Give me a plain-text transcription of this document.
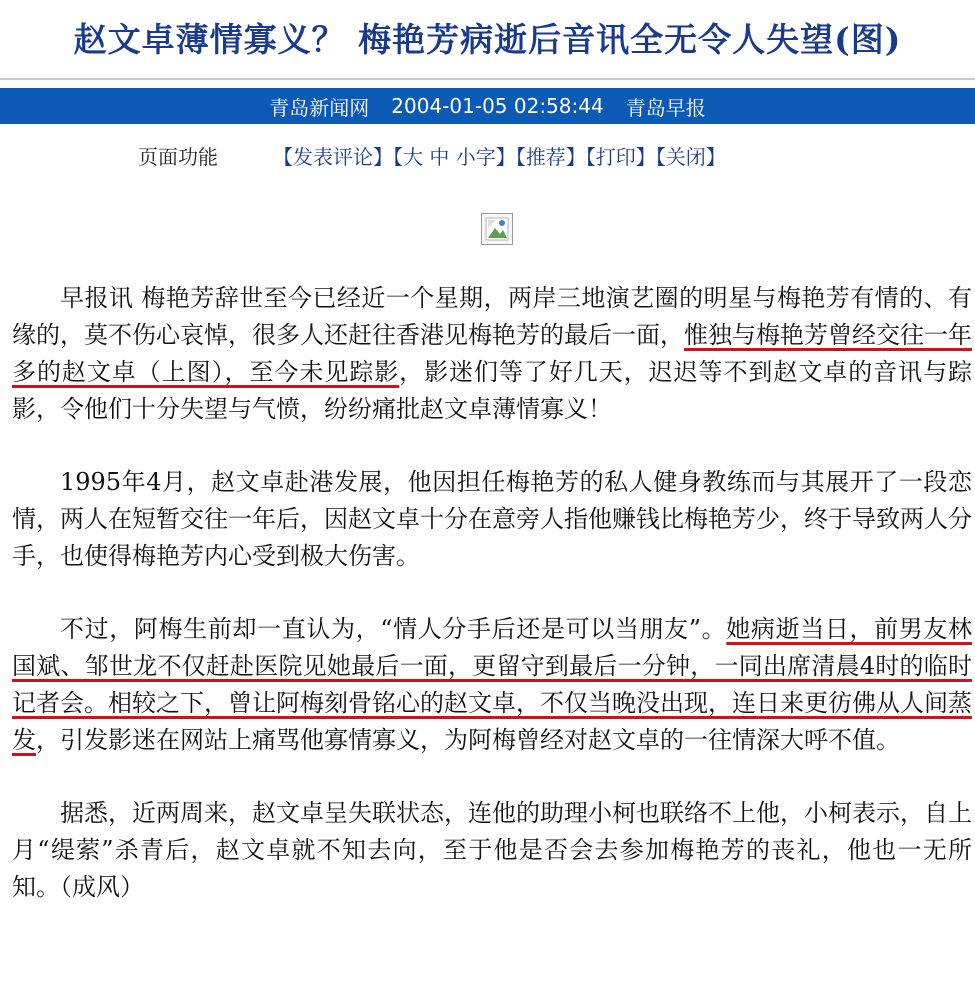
赵文卓薄情寡义？ 梅艳芳病逝后音讯全无令人失望(图)
青岛新闻网 2004-01-05 02:58:44 青岛早报
页面功能	【 发表评论 】【 大
中
小字 】【 推荐 】【 打印 】【 关闭 】

早报讯 梅艳芳辞世至今已经近一个星期，两岸三地演艺圈的明星与梅艳芳有情的、有缘的，莫不伤心哀悼，很多人还赶往香港见梅艳芳的最后一面，惟独与梅艳芳曾经交往一年多的赵文卓（上图），至今未见踪影，影迷们等了好几天，迟迟等不到赵文卓的音讯与踪影，令他们十分失望与气愤，纷纷痛批赵文卓薄情寡义！

1995年4月，赵文卓赴港发展，他因担任梅艳芳的私人健身教练而与其展开了一段恋情，两人在短暂交往一年后，因赵文卓十分在意旁人指他赚钱比梅艳芳少，终于导致两人分手，也使得梅艳芳内心受到极大伤害。

不过，阿梅生前却一直认为，“情人分手后还是可以当朋友”。她病逝当日，前男友林国斌、邹世龙不仅赶赴医院见她最后一面，更留守到最后一分钟，一同出席清晨4时的临时记者会。相较之下，曾让阿梅刻骨铭心的赵文卓，不仅当晚没出现，连日来更彷佛从人间蒸发，引发影迷在网站上痛骂他寡情寡义，为阿梅曾经对赵文卓的一往情深大呼不值。

据悉，近两周来，赵文卓呈失联状态，连他的助理小柯也联络不上他，小柯表示，自上月“缇萦”杀青后，赵文卓就不知去向，至于他是否会去参加梅艳芳的丧礼，他也一无所知。（成风）
